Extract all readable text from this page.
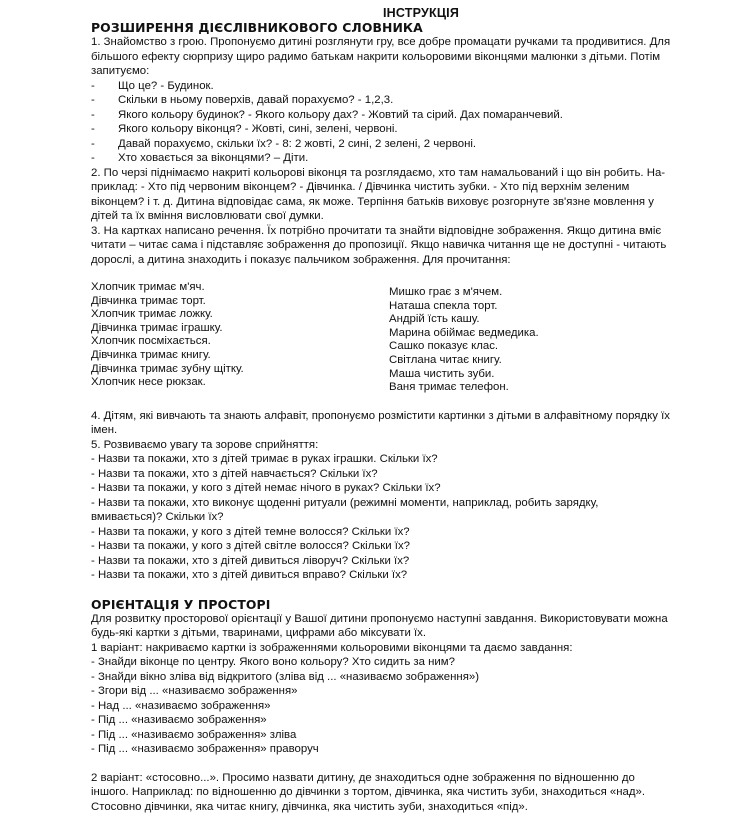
ІНСТРУКЦІЯ
РОЗШИРЕННЯ ДІЄСЛІВНИКОВОГО СЛОВНИКА

1. Знайомство з грою. Пропонуємо дитині розглянути гру, все добре промацати ручками та продивитися. Для більшого ефекту сюрпризу щиро радимо батькам накрити кольоровими віконцями малюнки з дітьми. Потім запитуємо:

-	Що це? - Будинок.
-	Скільки в ньому поверхів, давай порахуємо? - 1,2,3.
-	Якого кольору будинок? - Якого кольору дах? - Жовтий та сірий. Дах помаранчевий.
-	Якого кольору віконця? - Жовті, сині, зелені, червоні.
-	Давай порахуємо, скільки їх? - 8: 2 жовті, 2 сині, 2 зелені, 2 червоні.
-	Хто ховається за віконцями? – Діти.

2. По черзі піднімаємо накриті кольорові віконця та розглядаємо, хто там намальований і що він робить. На-приклад: - Хто під червоним віконцем? - Дівчинка. / Дівчинка чистить зубки. - Хто під верхнім зеленим віконцем? і т. д. Дитина відповідає сама, як може. Терпіння батьків виховує розгорнуте зв'язне мовлення у дітей та їх вміння висловлювати свої думки.

3. На картках написано речення. Їх потрібно прочитати та знайти відповідне зображення. Якщо дитина вміє читати – читає сама і підставляє зображення до пропозиції. Якщо навичка читання ще не доступні - читають дорослі, а дитина знаходить і показує пальчиком зображення. Для прочитання:

Хлопчик тримає м'яч.
Дівчинка тримає торт.
Хлопчик тримає ложку.
Дівчинка тримає іграшку.
Хлопчик посміхається.
Дівчинка тримає книгу.
Дівчинка тримає зубну щітку.
Хлопчик несе рюкзак.
Мишко грає з м'ячем.
Наташа спекла торт.
Андрій їсть кашу.
Марина обіймає ведмедика.
Сашко показує клас.
Світлана читає книгу.
Маша чистить зуби.
Ваня тримає телефон.

4. Дітям, які вивчають та знають алфавіт, пропонуємо розмістити картинки з дітьми в алфавітному порядку їх імен.

5. Розвиваємо увагу та зорове сприйняття:

- Назви та покажи, хто з дітей тримає в руках іграшки. Скільки їх?
- Назви та покажи, хто з дітей навчається? Скільки їх?
- Назви та покажи, у кого з дітей немає нічого в руках? Скільки їх?
- Назви та покажи, хто виконує щоденні ритуали (режимні моменти, наприклад, робить зарядку, вмивається)? Скільки їх?
- Назви та покажи, у кого з дітей темне волосся? Скільки їх?
- Назви та покажи, у кого з дітей світле волосся? Скільки їх?
- Назви та покажи, хто з дітей дивиться ліворуч? Скільки їх?
- Назви та покажи, хто з дітей дивиться вправо? Скільки їх?
ОРІЄНТАЦІЯ У ПРОСТОРІ

Для розвитку просторової орієнтації у Вашої дитини пропонуємо наступні завдання. Використовувати можна будь-які картки з дітьми, тваринами, цифрами або міксувати їх.

1 варіант: накриваємо картки із зображеннями кольоровими віконцями та даємо завдання:

- Знайди віконце по центру. Якого воно кольору? Хто сидить за ним?
- Знайди вікно зліва від відкритого (зліва від ... «називаємо зображення»)
- Згори від ... «називаємо зображення»
- Над ... «називаємо зображення»
- Під ... «називаємо зображення»
- Під ... «називаємо зображення» зліва
- Під ... «називаємо зображення» праворуч

2 варіант: «стосовно...». Просимо назвати дитину, де знаходиться одне зображення по відношенню до іншого. Наприклад: по відношенню до дівчинки з тортом, дівчинка, яка чистить зуби, знаходиться «над». Стосовно дівчинки, яка читає книгу, дівчинка, яка чистить зуби, знаходиться «під».
